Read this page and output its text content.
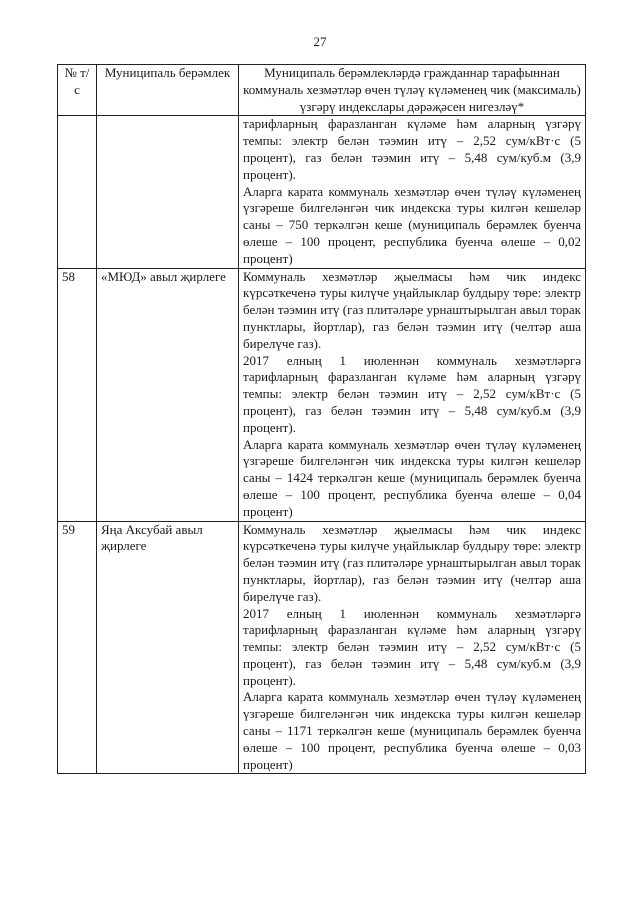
27
№ т/с	Муниципаль берәмлек	Муниципаль берәмлекләрдә гражданнар тарафыннан коммуналь хезмәтләр өчен түләү күләменең чик (максималь) үзгәрү индекслары дәрәҗәсен нигезләү*

		тарифларның фаразланган күләме һәм аларның үзгәрү темпы: электр белән тәэмин итү – 2,52 сум/кВт·с (5 процент), газ белән тәэмин итү – 5,48 сум/куб.м (3,9 процент).

Аларга карата коммуналь хезмәтләр өчен түләү күләменең үзгәреше билгеләнгән чик индекска туры килгән кешеләр саны – 750 теркәлгән кеше (муниципаль берәмлек буенча өлеше – 100 процент, республика буенча өлеше – 0,02 процент)

58	«МЮД» авыл җирлеге	Коммуналь хезмәтләр җыелмасы һәм чик индекс күрсәткеченә туры килүче уңайлыклар булдыру төре: электр белән тәэмин итү (газ плитәләре урнаштырылган авыл торак пунктлары, йортлар), газ белән тәэмин итү (челтәр аша бирелүче газ).

2017 елның 1 июленнән коммуналь хезмәтләргә тарифларның фаразланган күләме һәм аларның үзгәрү темпы: электр белән тәэмин итү – 2,52 сум/кВт·с (5 процент), газ белән тәэмин итү – 5,48 сум/куб.м (3,9 процент).

Аларга карата коммуналь хезмәтләр өчен түләү күләменең үзгәреше билгеләнгән чик индекска туры килгән кешеләр саны – 1424 теркәлгән кеше (муниципаль берәмлек буенча өлеше – 100 процент, республика буенча өлеше – 0,04 процент)

59	Яңа Аксубай авыл җирлеге	Коммуналь хезмәтләр җыелмасы һәм чик индекс күрсәткеченә туры килүче уңайлыклар булдыру төре: электр белән тәэмин итү (газ плитәләре урнаштырылган авыл торак пунктлары, йортлар), газ белән тәэмин итү (челтәр аша бирелүче газ).

2017 елның 1 июленнән коммуналь хезмәтләргә тарифларның фаразланган күләме һәм аларның үзгәрү темпы: электр белән тәэмин итү – 2,52 сум/кВт·с (5 процент), газ белән тәэмин итү – 5,48 сум/куб.м (3,9 процент).

Аларга карата коммуналь хезмәтләр өчен түләү күләменең үзгәреше билгеләнгән чик индекска туры килгән кешеләр саны – 1171 теркәлгән кеше (муниципаль берәмлек буенча өлеше – 100 процент, республика буенча өлеше – 0,03 процент)
